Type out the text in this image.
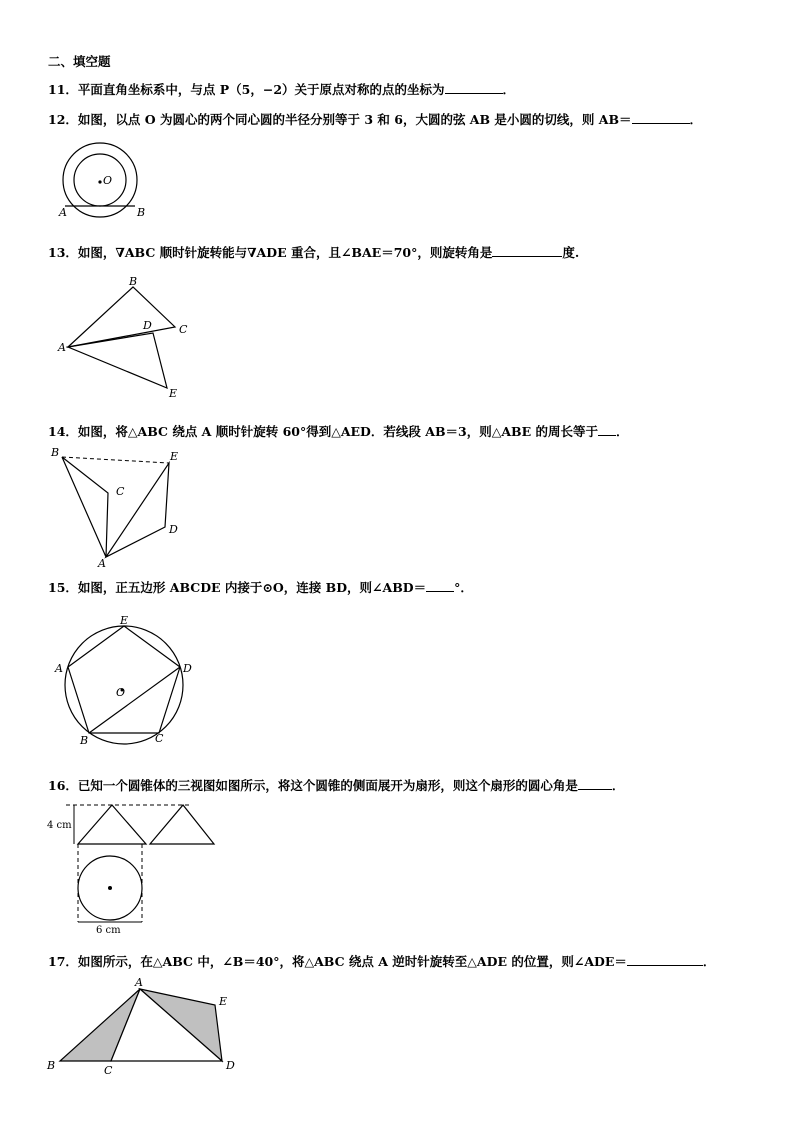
二、填空题
11．平面直角坐标系中，与点 P（5，−2）关于原点对称的点的坐标为	．
12．如图，以点 O 为圆心的两个同心圆的半径分别等于 3 和 6，大圆的弦 AB 是小圆的切线，则 AB＝	．
O
A	B
13．如图，∇ABC 顺时针旋转能与∇ADE 重合，且∠BAE＝70°，则旋转角是	度.
A
B
C
D
E
14．如图，将△ABC 绕点 A 顺时针旋转 60°得到△AED．若线段 AB＝3，则△ABE 的周长等于 ．
B
C
E
D
A
15．如图，正五边形 ABCDE 内接于⊙O，连接 BD，则∠ABD＝ °．
E
A	D
O
B	C
16．已知一个圆锥体的三视图如图所示，将这个圆锥的侧面展开为扇形，则这个扇形的圆心角是	．
4 cm
6 cm
17．如图所示，在△ABC 中，∠B＝40°，将△ABC 绕点 A 逆时针旋转至△ADE 的位置，则∠ADE＝	．
A
E
B	C	D
